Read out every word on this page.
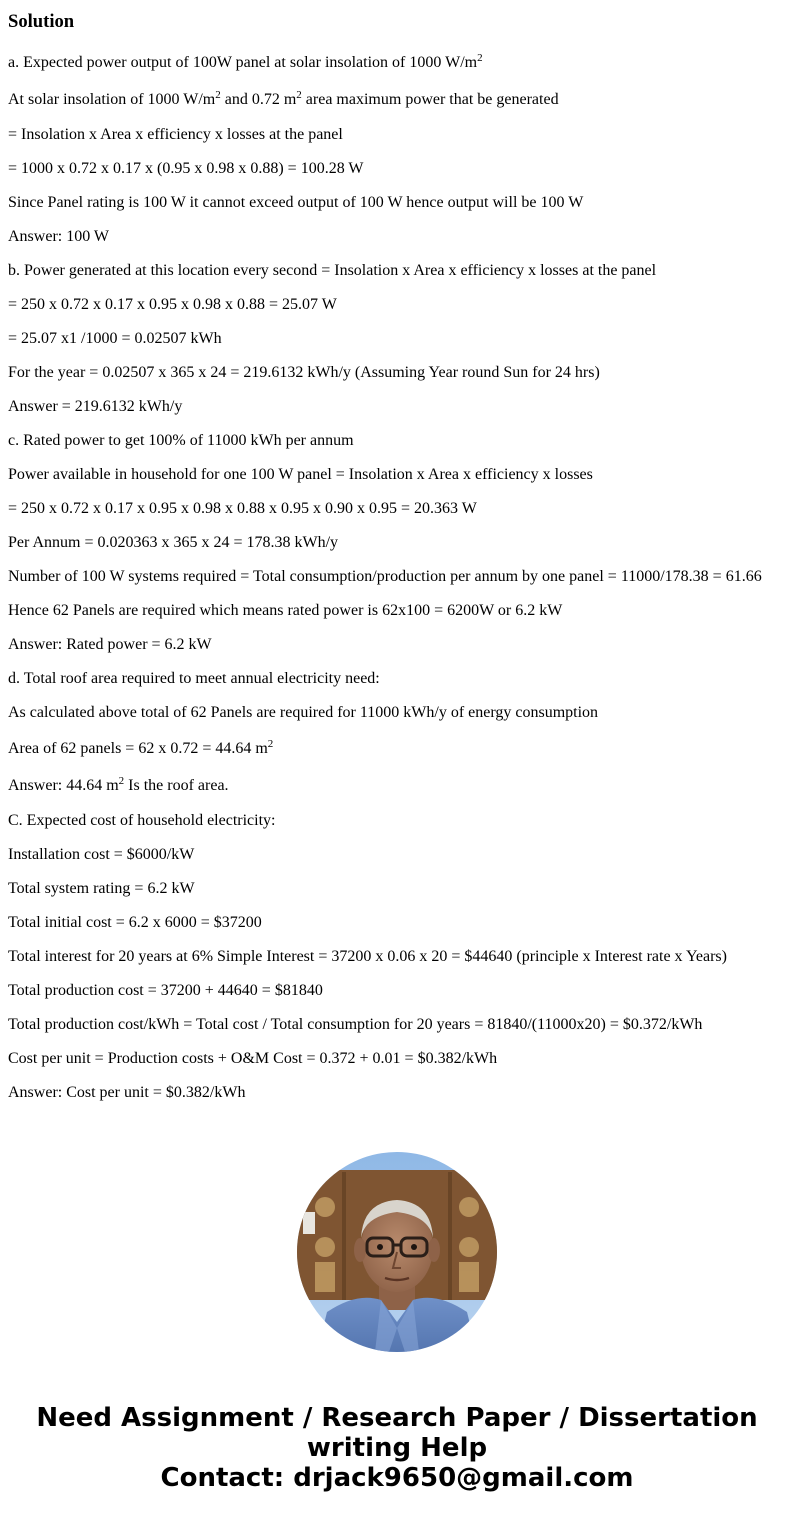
Solution
a. Expected power output of 100W panel at solar insolation of 1000 $W/m^2$
At solar insolation of 1000 $W/m^2$ and 0.72 $m^2$ area maximum power that be generated
= Insolation x Area x efficiency x losses at the panel
= 1000 x 0.72 x 0.17 x (0.95 x 0.98 x 0.88) = 100.28 W
Since Panel rating is 100 W it cannot exceed output of 100 W hence output will be 100 W
Answer: 100 W
b. Power generated at this location every second = Insolation x Area x efficiency x losses at the panel
= 250 x 0.72 x 0.17 x 0.95 x 0.98 x 0.88 = 25.07 W
= 25.07 x1 /1000 = 0.02507 kWh
For the year = 0.02507 x 365 x 24 = 219.6132 kWh/y (Assuming Year round Sun for 24 hrs)
Answer = 219.6132 kWh/y
c. Rated power to get 100% of 11000 kWh per annum
Power available in household for one 100 W panel = Insolation x Area x efficiency x losses
= 250 x 0.72 x 0.17 x 0.95 x 0.98 x 0.88 x 0.95 x 0.90 x 0.95 = 20.363 W
Per Annum = 0.020363 x 365 x 24 = 178.38 kWh/y
Number of 100 W systems required = Total consumption/production per annum by one panel = 11000/178.38 = 61.66
Hence 62 Panels are required which means rated power is 62x100 = 6200W or 6.2 kW
Answer: Rated power = 6.2 kW
d. Total roof area required to meet annual electricity need:
As calculated above total of 62 Panels are required for 11000 kWh/y of energy consumption
Area of 62 panels = 62 x 0.72 = 44.64 $m^2$
Answer: 44.64 $m^2$ Is the roof area.
C. Expected cost of household electricity:
Installation cost = $6000/kW
Total system rating = 6.2 kW
Total initial cost = 6.2 x 6000 = $37200
Total interest for 20 years at 6% Simple Interest = 37200 x 0.06 x 20 = $44640 (principle x Interest rate x Years)
Total production cost = 37200 + 44640 = $81840
Total production cost/kWh = Total cost / Total consumption for 20 years = 81840/(11000x20) = $0.372/kWh
Cost per unit = Production costs + O&M Cost = 0.372 + 0.01 = $0.382/kWh
Answer: Cost per unit = $0.382/kWh
Need Assignment / Research Paper / Dissertation
writing Help
Contact: drjack9650@gmail.com
